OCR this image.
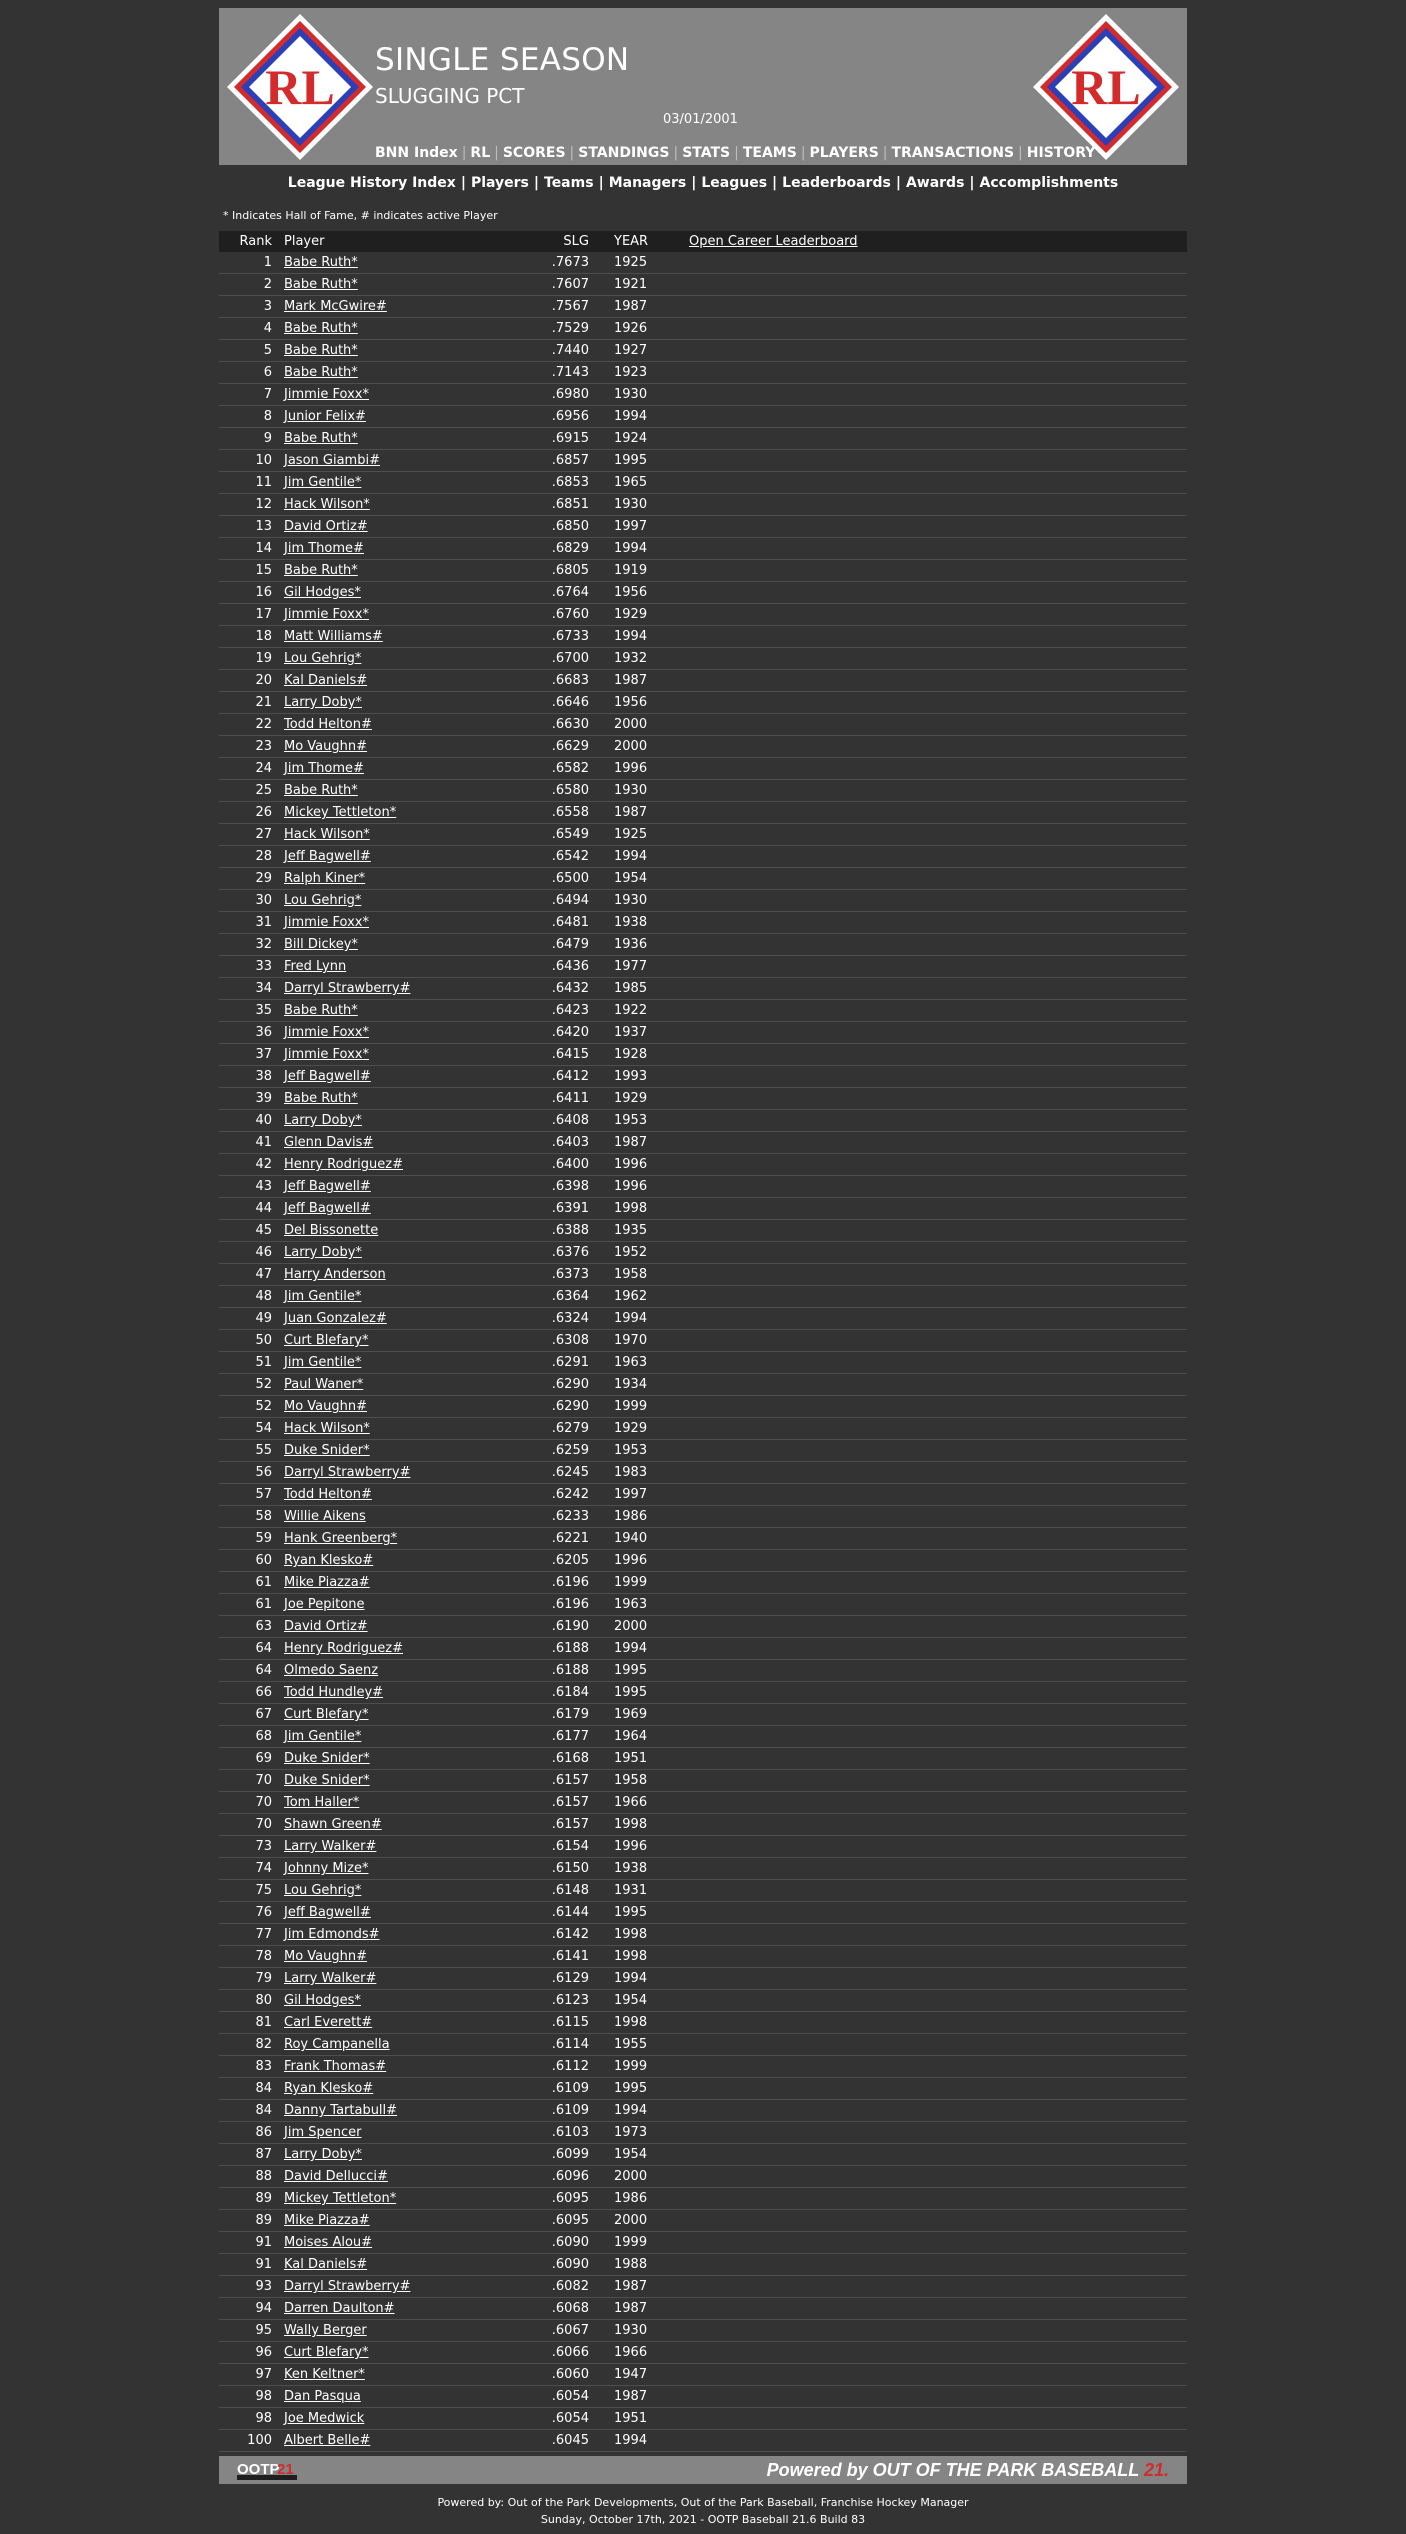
RL SINGLE SEASON
SLUGGING PCT
03/01/2001
BNN Index | RL | SCORES | STANDINGS | STATS | TEAMS | PLAYERS | TRANSACTIONS | HISTORY
RL
League History Index | Players | Teams | Managers | Leagues | Leaderboards | Awards | Accomplishments
* Indicates Hall of Fame, # indicates active Player
Rank Player	SLG YEAR	Open Career Leaderboard
1 Babe Ruth*	.7673 1925
2 Babe Ruth*	.7607 1921
3 Mark McGwire#	.7567 1987
4 Babe Ruth*	.7529 1926
5 Babe Ruth*	.7440 1927
6 Babe Ruth*	.7143 1923
7 Jimmie Foxx*	.6980 1930
8 Junior Felix#	.6956 1994
9 Babe Ruth*	.6915 1924
10 Jason Giambi#	.6857 1995
11 Jim Gentile*	.6853 1965
12 Hack Wilson*	.6851 1930
13 David Ortiz#	.6850 1997
14 Jim Thome#	.6829 1994
15 Babe Ruth*	.6805 1919
16 Gil Hodges*	.6764 1956
17 Jimmie Foxx*	.6760 1929
18 Matt Williams#	.6733 1994
19 Lou Gehrig*	.6700 1932
20 Kal Daniels#	.6683 1987
21 Larry Doby*	.6646 1956
22 Todd Helton#	.6630 2000
23 Mo Vaughn#	.6629 2000
24 Jim Thome#	.6582 1996
25 Babe Ruth*	.6580 1930
26 Mickey Tettleton*	.6558 1987
27 Hack Wilson*	.6549 1925
28 Jeff Bagwell#	.6542 1994
29 Ralph Kiner*	.6500 1954
30 Lou Gehrig*	.6494 1930
31 Jimmie Foxx*	.6481 1938
32 Bill Dickey*	.6479 1936
33 Fred Lynn	.6436 1977
34 Darryl Strawberry#	.6432 1985
35 Babe Ruth*	.6423 1922
36 Jimmie Foxx*	.6420 1937
37 Jimmie Foxx*	.6415 1928
38 Jeff Bagwell#	.6412 1993
39 Babe Ruth*	.6411 1929
40 Larry Doby*	.6408 1953
41 Glenn Davis#	.6403 1987
42 Henry Rodriguez#	.6400 1996
43 Jeff Bagwell#	.6398 1996
44 Jeff Bagwell#	.6391 1998
45 Del Bissonette	.6388 1935
46 Larry Doby*	.6376 1952
47 Harry Anderson	.6373 1958
48 Jim Gentile*	.6364 1962
49 Juan Gonzalez#	.6324 1994
50 Curt Blefary*	.6308 1970
51 Jim Gentile*	.6291 1963
52 Paul Waner*	.6290 1934
52 Mo Vaughn#	.6290 1999
54 Hack Wilson*	.6279 1929
55 Duke Snider*	.6259 1953
56 Darryl Strawberry#	.6245 1983
57 Todd Helton#	.6242 1997
58 Willie Aikens	.6233 1986
59 Hank Greenberg*	.6221 1940
60 Ryan Klesko#	.6205 1996
61 Mike Piazza#	.6196 1999
61 Joe Pepitone	.6196 1963
63 David Ortiz#	.6190 2000
64 Henry Rodriguez#	.6188 1994
64 Olmedo Saenz	.6188 1995
66 Todd Hundley#	.6184 1995
67 Curt Blefary*	.6179 1969
68 Jim Gentile*	.6177 1964
69 Duke Snider*	.6168 1951
70 Duke Snider*	.6157 1958
70 Tom Haller*	.6157 1966
70 Shawn Green#	.6157 1998
73 Larry Walker#	.6154 1996
74 Johnny Mize*	.6150 1938
75 Lou Gehrig*	.6148 1931
76 Jeff Bagwell#	.6144 1995
77 Jim Edmonds#	.6142 1998
78 Mo Vaughn#	.6141 1998
79 Larry Walker#	.6129 1994
80 Gil Hodges*	.6123 1954
81 Carl Everett#	.6115 1998
82 Roy Campanella	.6114 1955
83 Frank Thomas#	.6112 1999
84 Ryan Klesko#	.6109 1995
84 Danny Tartabull#	.6109 1994
86 Jim Spencer	.6103 1973
87 Larry Doby*	.6099 1954
88 David Dellucci#	.6096 2000
89 Mickey Tettleton*	.6095 1986
89 Mike Piazza#	.6095 2000
91 Moises Alou#	.6090 1999
91 Kal Daniels#	.6090 1988
93 Darryl Strawberry#	.6082 1987
94 Darren Daulton#	.6068 1987
95 Wally Berger	.6067 1930
96 Curt Blefary*	.6066 1966
97 Ken Keltner*	.6060 1947
98 Dan Pasqua	.6054 1987
98 Joe Medwick	.6054 1951
100 Albert Belle#	.6045 1994
OOTP
21	Powered by OUT OF THE PARK BASEBALL 21.
Powered by: Out of the Park Developments, Out of the Park Baseball, Franchise Hockey Manager
Sunday, October 17th, 2021 - OOTP Baseball 21.6 Build 83
